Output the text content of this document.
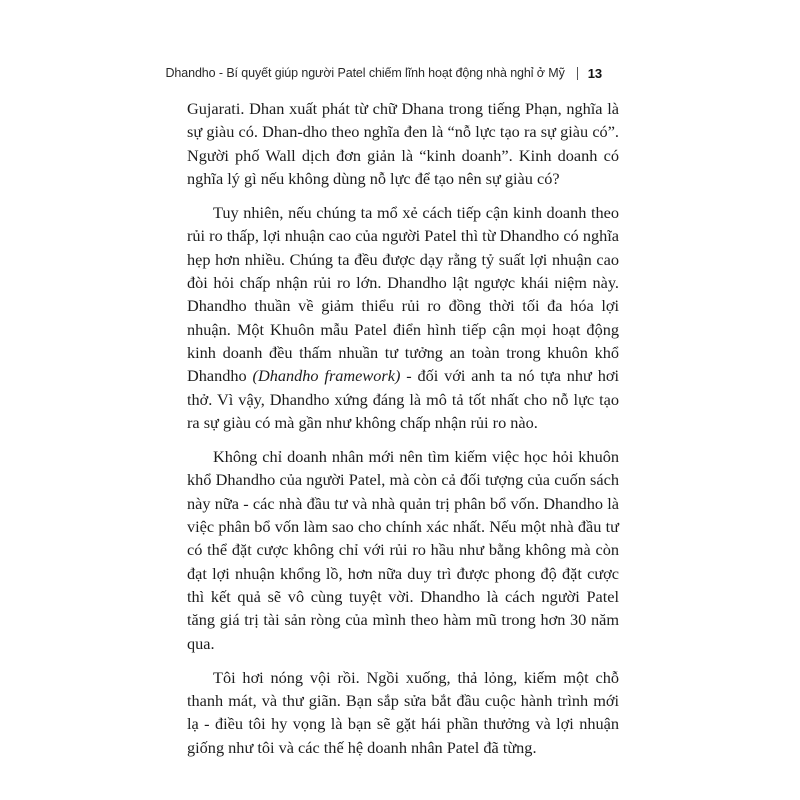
Dhandho - Bí quyết giúp người Patel chiếm lĩnh hoạt động nhà nghỉ ở Mỹ 13

Gujarati. Dhan xuất phát từ chữ Dhana trong tiếng Phạn, nghĩa là sự giàu có. Dhan-dho theo nghĩa đen là “nỗ lực tạo ra sự giàu có”. Người phố Wall dịch đơn giản là “kinh doanh”. Kinh doanh có nghĩa lý gì nếu không dùng nỗ lực để tạo nên sự giàu có?

Tuy nhiên, nếu chúng ta mổ xẻ cách tiếp cận kinh doanh theo rủi ro thấp, lợi nhuận cao của người Patel thì từ Dhandho có nghĩa hẹp hơn nhiều. Chúng ta đều được dạy rằng tỷ suất lợi nhuận cao đòi hỏi chấp nhận rủi ro lớn. Dhandho lật ngược khái niệm này. Dhandho thuần về giảm thiểu rủi ro đồng thời tối đa hóa lợi nhuận. Một Khuôn mẫu Patel điển hình tiếp cận mọi hoạt động kinh doanh đều thấm nhuần tư tưởng an toàn trong khuôn khổ Dhandho (Dhandho framework) - đối với anh ta nó tựa như hơi thở. Vì vậy, Dhandho xứng đáng là mô tả tốt nhất cho nỗ lực tạo ra sự giàu có mà gần như không chấp nhận rủi ro nào.

Không chỉ doanh nhân mới nên tìm kiếm việc học hỏi khuôn khổ Dhandho của người Patel, mà còn cả đối tượng của cuốn sách này nữa - các nhà đầu tư và nhà quản trị phân bổ vốn. Dhandho là việc phân bổ vốn làm sao cho chính xác nhất. Nếu một nhà đầu tư có thể đặt cược không chỉ với rủi ro hầu như bằng không mà còn đạt lợi nhuận khổng lồ, hơn nữa duy trì được phong độ đặt cược thì kết quả sẽ vô cùng tuyệt vời. Dhandho là cách người Patel tăng giá trị tài sản ròng của mình theo hàm mũ trong hơn 30 năm qua.

Tôi hơi nóng vội rồi. Ngồi xuống, thả lỏng, kiếm một chỗ thanh mát, và thư giãn. Bạn sắp sửa bắt đầu cuộc hành trình mới lạ - điều tôi hy vọng là bạn sẽ gặt hái phần thưởng và lợi nhuận giống như tôi và các thế hệ doanh nhân Patel đã từng.
